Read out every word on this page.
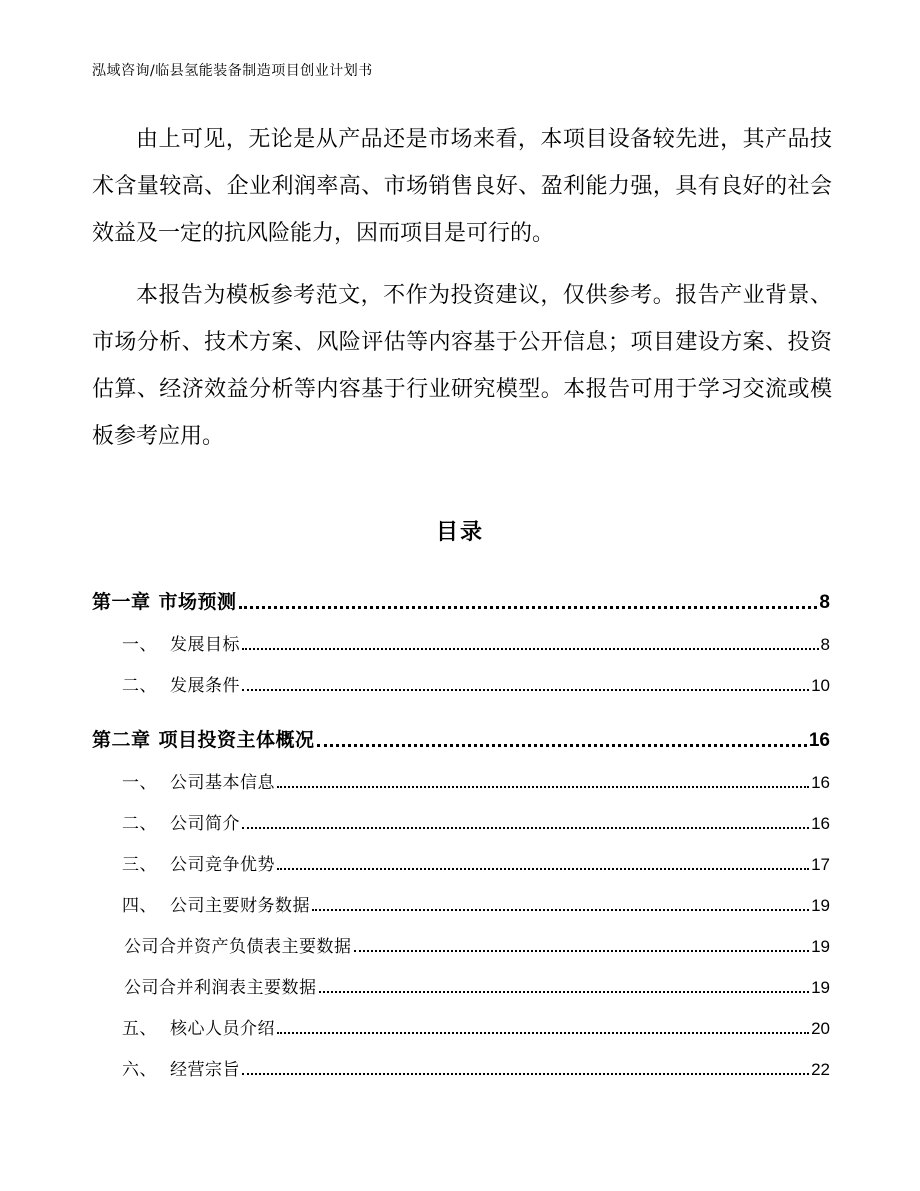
泓域咨询/临县氢能装备制造项目创业计划书

由上可见，无论是从产品还是市场来看，本项目设备较先进，其产品技术含量较高、企业利润率高、市场销售良好、盈利能力强，具有良好的社会效益及一定的抗风险能力，因而项目是可行的。

本报告为模板参考范文，不作为投资建议，仅供参考。报告产业背景、市场分析、技术方案、风险评估等内容基于公开信息；项目建设方案、投资估算、经济效益分析等内容基于行业研究模型。本报告可用于学习交流或模板参考应用。

目录
第一章 市场预测	8
一、 发展目标	8
二、 发展条件	10
第二章 项目投资主体概况	16
一、 公司基本信息	16
二、 公司简介	16
三、 公司竞争优势	17
四、 公司主要财务数据	19
公司合并资产负债表主要数据	19
公司合并利润表主要数据	19
五、 核心人员介绍	20
六、 经营宗旨	22
